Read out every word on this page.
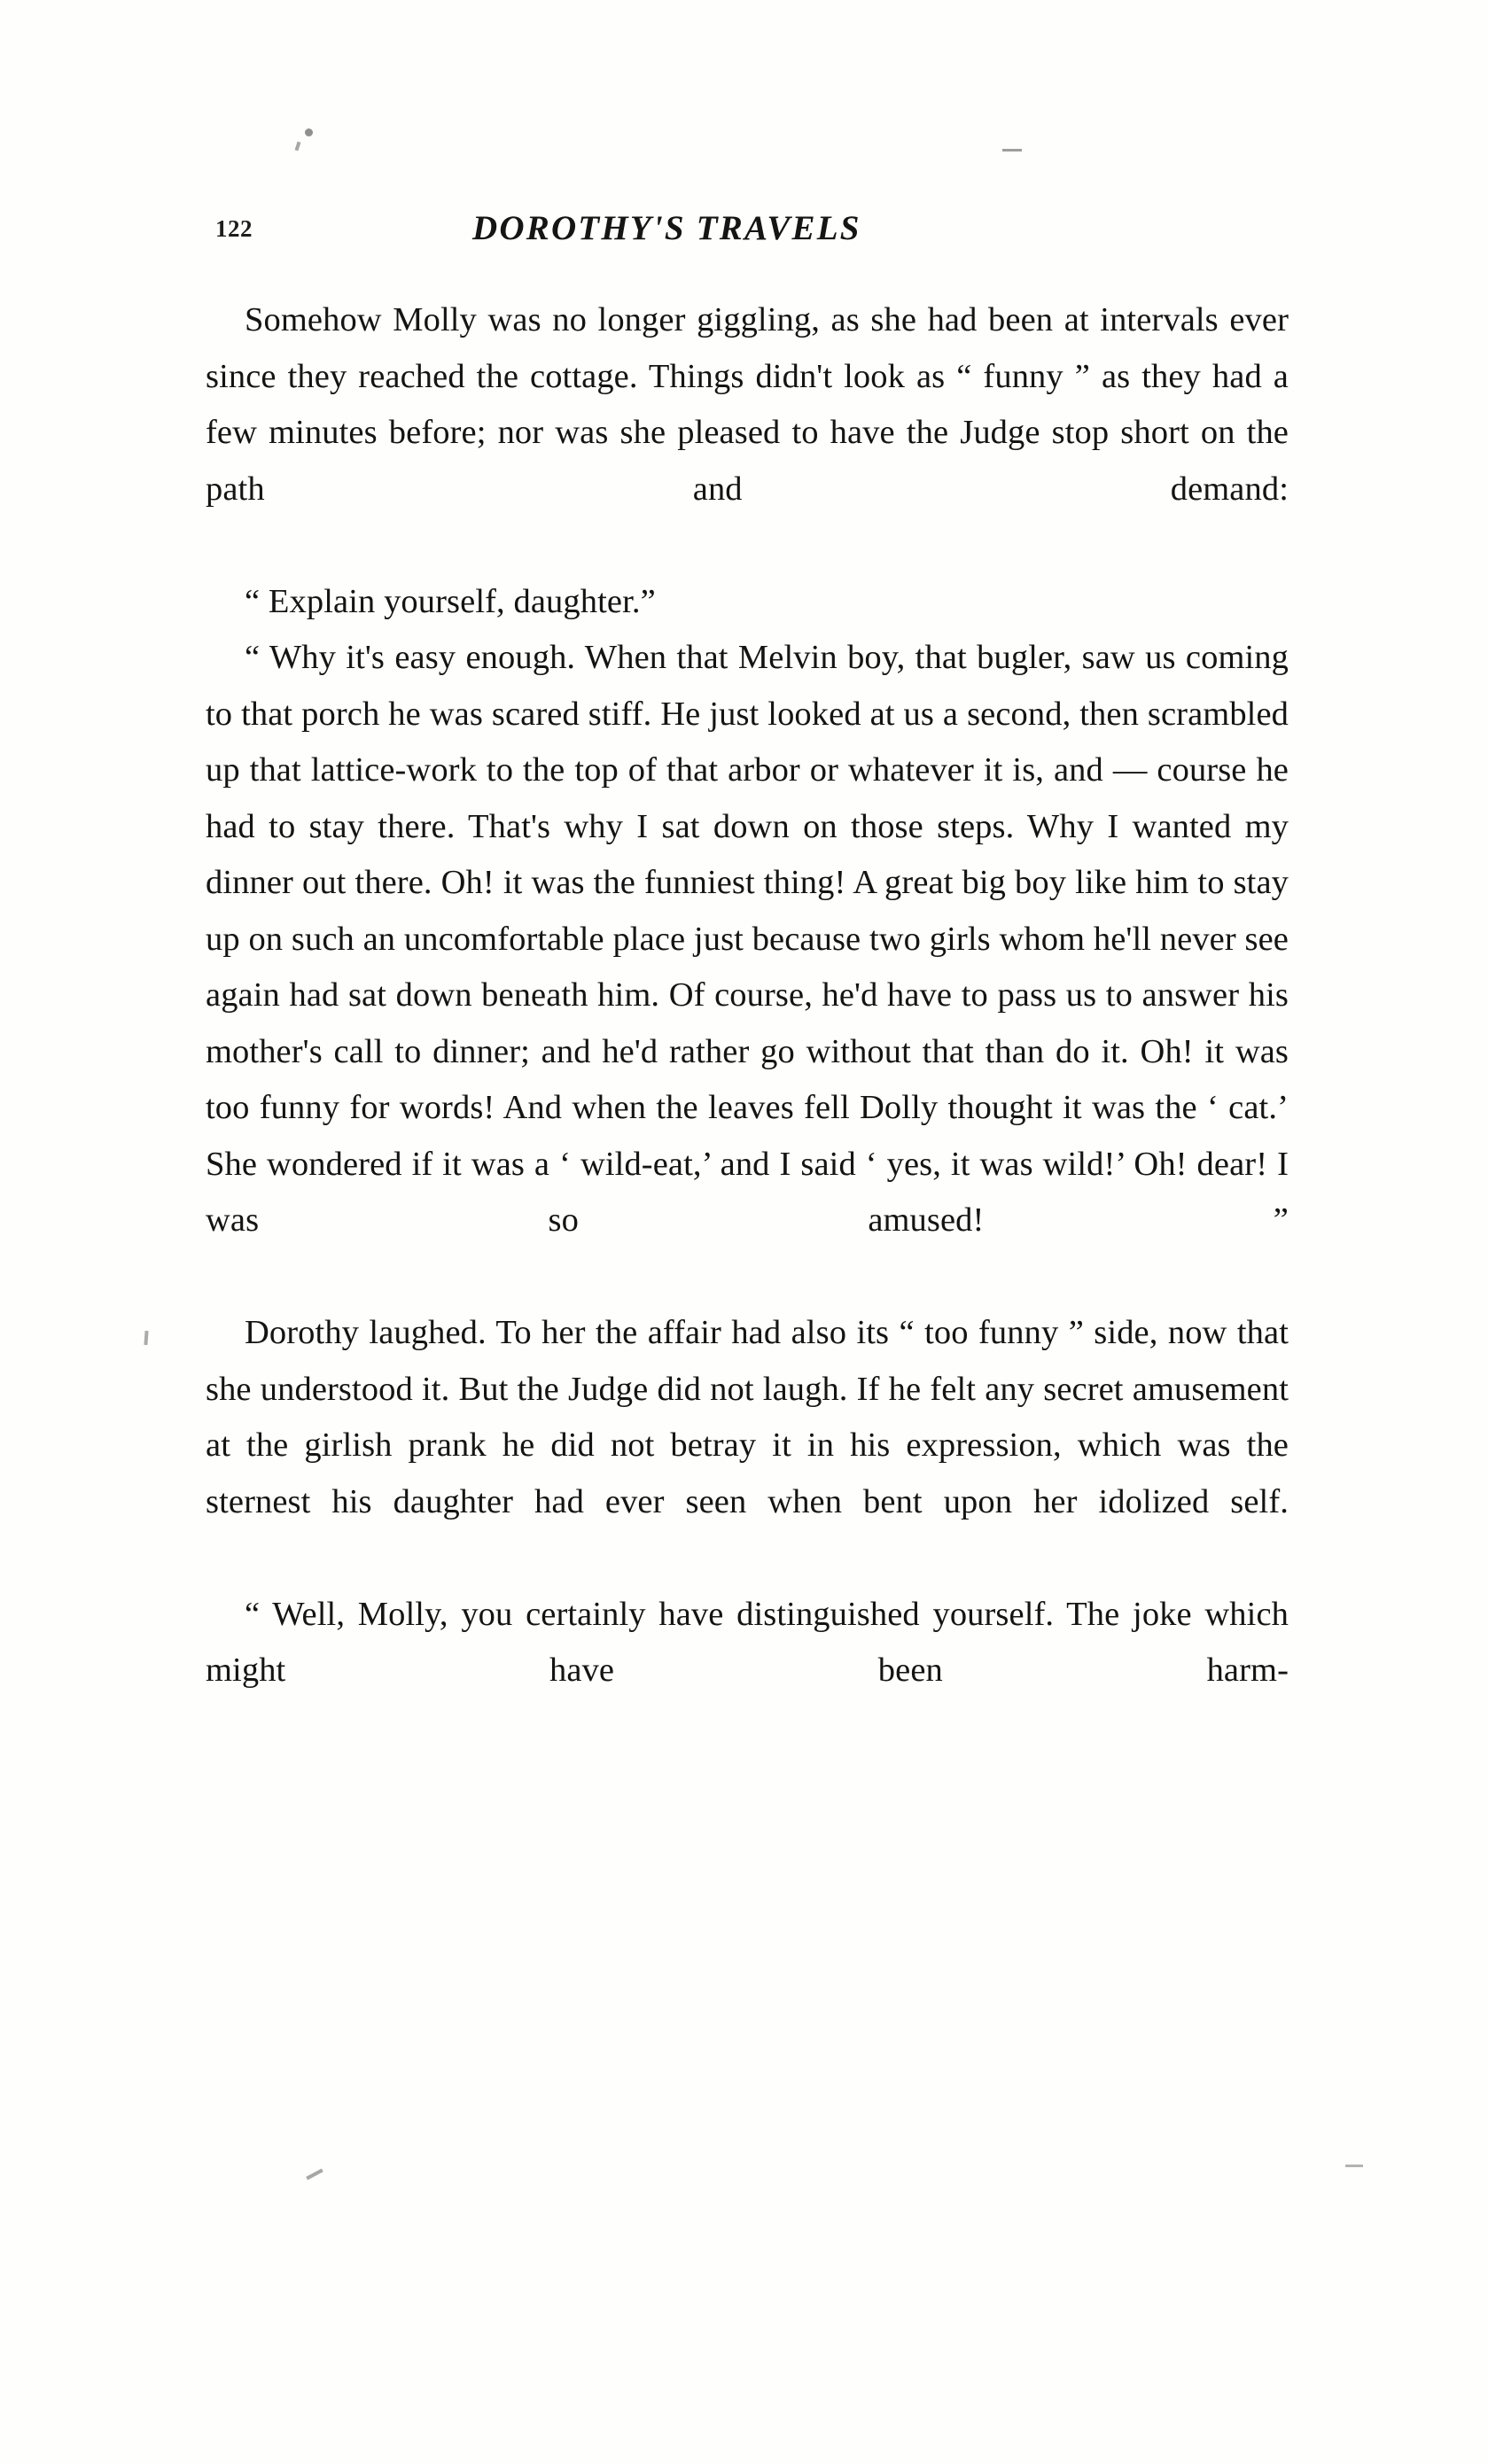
122	DOROTHY'S TRAVELS

Somehow Molly was no longer giggling, as she had been at intervals ever since they reached the cottage. Things didn't look as “ funny ” as they had a few minutes before; nor was she pleased to have the Judge stop short on the path and demand:

“ Explain yourself, daughter.”

“ Why it's easy enough. When that Melvin boy, that bugler, saw us coming to that porch he was scared stiff. He just looked at us a second, then scrambled up that lattice-work to the top of that arbor or whatever it is, and — course he had to stay there. That's why I sat down on those steps. Why I wanted my dinner out there. Oh! it was the funniest thing! A great big boy like him to stay up on such an uncomfortable place just because two girls whom he'll never see again had sat down beneath him. Of course, he'd have to pass us to answer his mother's call to dinner; and he'd rather go without that than do it. Oh! it was too funny for words! And when the leaves fell Dolly thought it was the ‘ cat.’ She wondered if it was a ‘ wild-eat,’ and I said ‘ yes, it was wild!’ Oh! dear! I was so amused! ”

Dorothy laughed. To her the affair had also its “ too funny ” side, now that she understood it. But the Judge did not laugh. If he felt any secret amusement at the girlish prank he did not betray it in his expression, which was the sternest his daughter had ever seen when bent upon her idolized self.

“ Well, Molly, you certainly have distinguished yourself. The joke which might have been harm-
